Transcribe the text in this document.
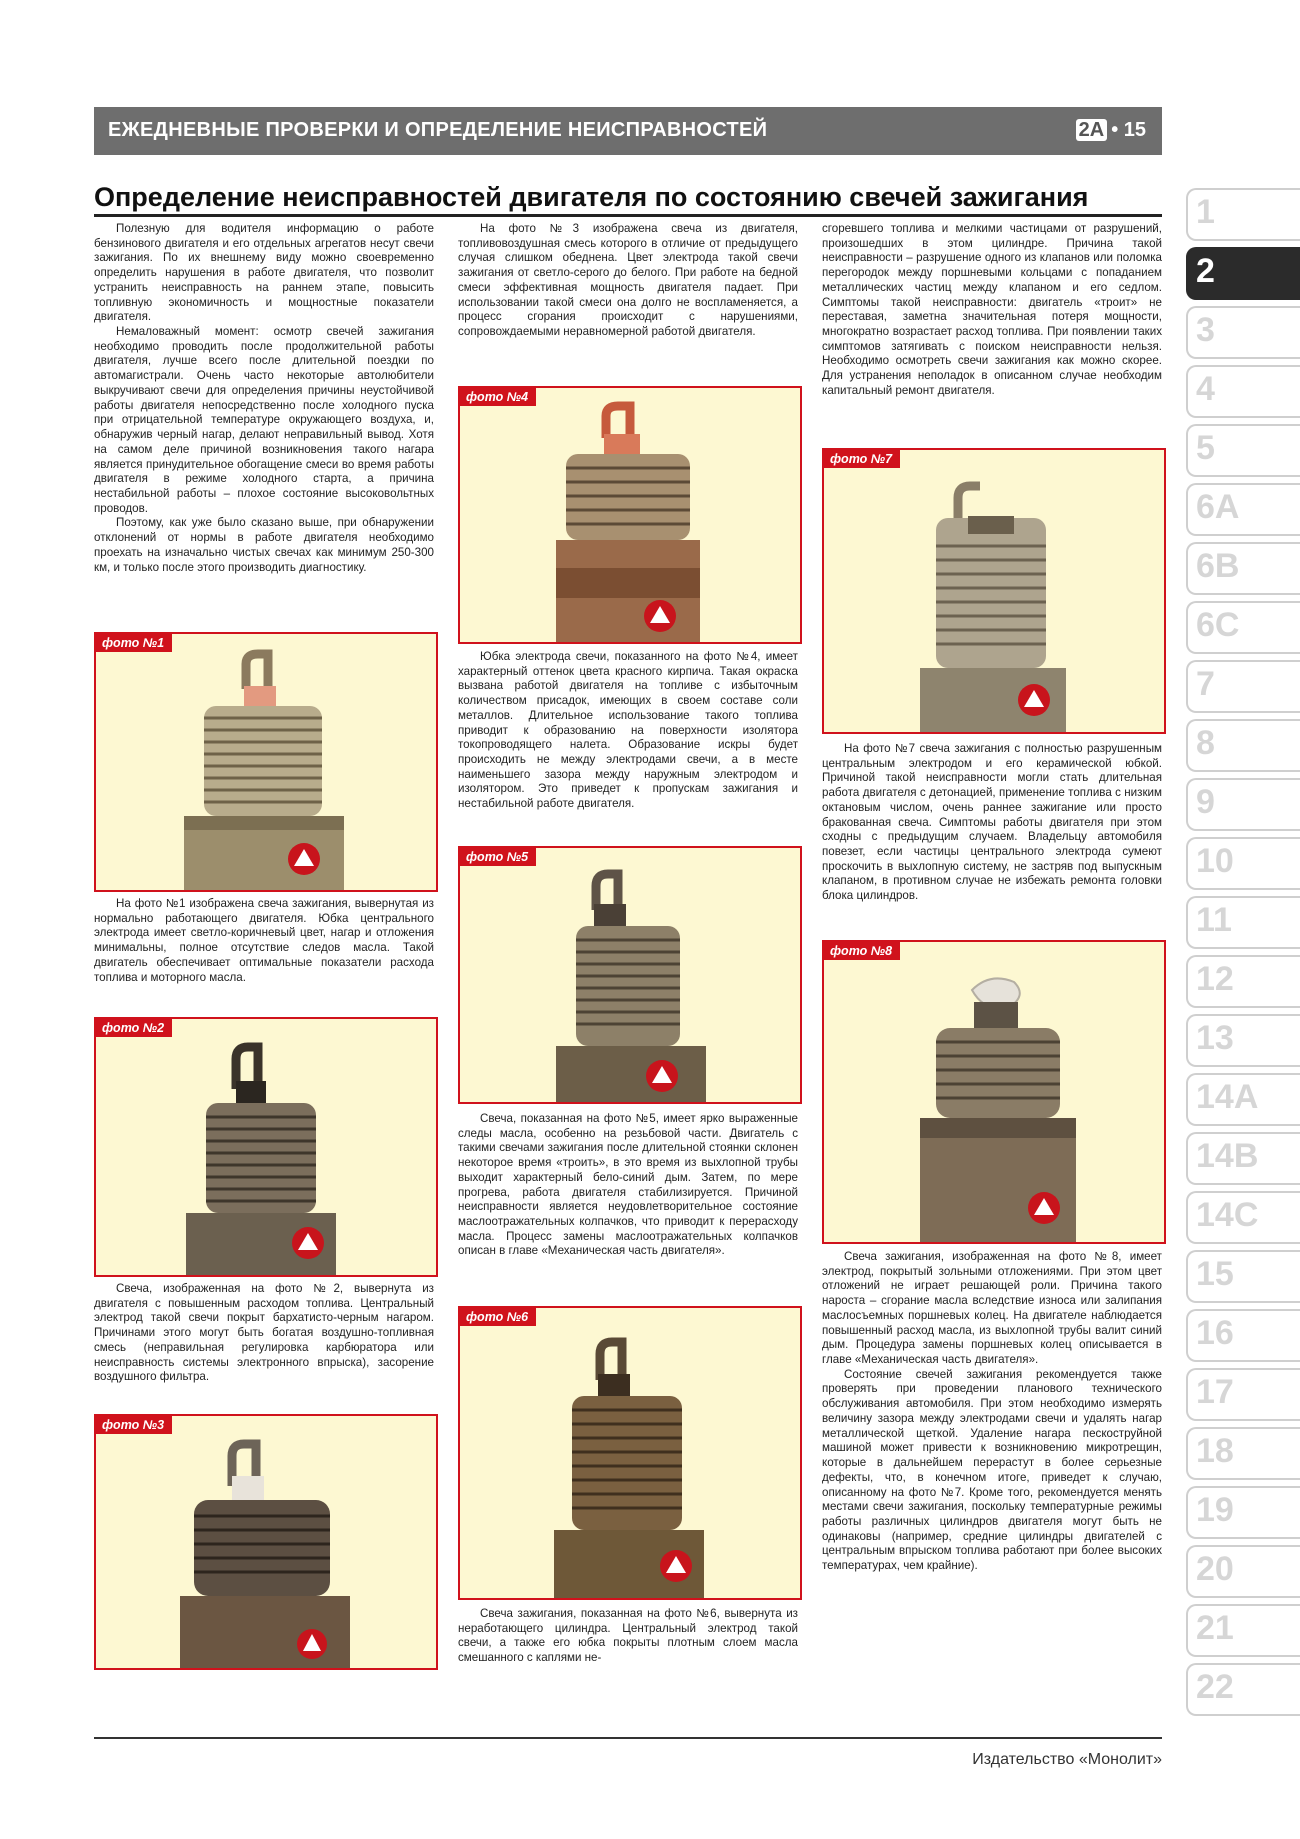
ЕЖЕДНЕВНЫЕ ПРОВЕРКИ И ОПРЕДЕЛЕНИЕ НЕИСПРАВНОСТЕЙ	2A • 15
Определение неисправностей двигателя по состоянию свечей зажигания

Полезную для водителя информацию о работе бензинового двигателя и его отдельных агрегатов несут свечи зажигания. По их внешнему виду можно своевременно определить нарушения в работе двигателя, что позволит устранить неисправность на раннем этапе, повысить топливную экономичность и мощностные показатели двигателя.

Немаловажный момент: осмотр свечей зажигания необходимо проводить после продолжительной работы двигателя, лучше всего после длительной поездки по автомагистрали. Очень часто некоторые автолюбители выкручивают свечи для определения причины неустойчивой работы двигателя непосредственно после холодного пуска при отрицательной температуре окружающего воздуха, и, обнаружив черный нагар, делают неправильный вывод. Хотя на самом деле причиной возникновения такого нагара является принудительное обогащение смеси во время работы двигателя в режиме холодного старта, а причина нестабильной работы – плохое состояние высоковольтных проводов.

Поэтому, как уже было сказано выше, при обнаружении отклонений от нормы в работе двигателя необходимо проехать на изначально чистых свечах как минимум 250-300 км, и только после этого производить диагностику.

фото №1

На фото №1 изображена свеча зажигания, вывернутая из нормально работающего двигателя. Юбка центрального электрода имеет светло-коричневый цвет, нагар и отложения минимальны, полное отсутствие следов масла. Такой двигатель обеспечивает оптимальные показатели расхода топлива и моторного масла.

фото №2

Свеча, изображенная на фото №2, вывернута из двигателя с повышенным расходом топлива. Центральный электрод такой свечи покрыт бархатисто-черным нагаром. Причинами этого могут быть богатая воздушно-топливная смесь (неправильная регулировка карбюратора или неисправность системы электронного впрыска), засорение воздушного фильтра.

фото №3

На фото №3 изображена свеча из двигателя, топливовоздушная смесь которого в отличие от предыдущего случая слишком обеднена. Цвет электрода такой свечи зажигания от светло-серого до белого. При работе на бедной смеси эффективная мощность двигателя падает. При использовании такой смеси она долго не воспламеняется, а процесс сгорания происходит с нарушениями, сопровождаемыми неравномерной работой двигателя.

фото №4

Юбка электрода свечи, показанного на фото №4, имеет характерный оттенок цвета красного кирпича. Такая окраска вызвана работой двигателя на топливе с избыточным количеством присадок, имеющих в своем составе соли металлов. Длительное использование такого топлива приводит к образованию на поверхности изолятора токопроводящего налета. Образование искры будет происходить не между электродами свечи, а в месте наименьшего зазора между наружным электродом и изолятором. Это приведет к пропускам зажигания и нестабильной работе двигателя.

фото №5

Свеча, показанная на фото №5, имеет ярко выраженные следы масла, особенно на резьбовой части. Двигатель с такими свечами зажигания после длительной стоянки склонен некоторое время «троить», в это время из выхлопной трубы выходит характерный бело-синий дым. Затем, по мере прогрева, работа двигателя стабилизируется. Причиной неисправности является неудовлетворительное состояние маслоотражательных колпачков, что приводит к перерасходу масла. Процесс замены маслоотражательных колпачков описан в главе «Механическая часть двигателя».

фото №6

Свеча зажигания, показанная на фото №6, вывернута из неработающего цилиндра. Центральный электрод такой свечи, а также его юбка покрыты плотным слоем масла смешанного с каплями не-

сгоревшего топлива и мелкими частицами от разрушений, произошедших в этом цилиндре. Причина такой неисправности – разрушение одного из клапанов или поломка перегородок между поршневыми кольцами с попаданием металлических частиц между клапаном и его седлом. Симптомы такой неисправности: двигатель «троит» не переставая, заметна значительная потеря мощности, многократно возрастает расход топлива. При появлении таких симптомов затягивать с поиском неисправности нельзя. Необходимо осмотреть свечи зажигания как можно скорее. Для устранения неполадок в описанном случае необходим капитальный ремонт двигателя.

фото №7

На фото №7 свеча зажигания с полностью разрушенным центральным электродом и его керамической юбкой. Причиной такой неисправности могли стать длительная работа двигателя с детонацией, применение топлива с низким октановым числом, очень раннее зажигание или просто бракованная свеча. Симптомы работы двигателя при этом сходны с предыдущим случаем. Владельцу автомобиля повезет, если частицы центрального электрода сумеют проскочить в выхлопную систему, не застряв под выпускным клапаном, в противном случае не избежать ремонта головки блока цилиндров.

фото №8

Свеча зажигания, изображенная на фото №8, имеет электрод, покрытый зольными отложениями. При этом цвет отложений не играет решающей роли. Причина такого нароста – сгорание масла вследствие износа или залипания маслосъемных поршневых колец. На двигателе наблюдается повышенный расход масла, из выхлопной трубы валит синий дым. Процедура замены поршневых колец описывается в главе «Механическая часть двигателя».

Состояние свечей зажигания рекомендуется также проверять при проведении планового технического обслуживания автомобиля. При этом необходимо измерять величину зазора между электродами свечи и удалять нагар металлической щеткой. Удаление нагара пескоструйной машиной может привести к возникновению микротрещин, которые в дальнейшем перерастут в более серьезные дефекты, что, в конечном итоге, приведет к случаю, описанному на фото №7. Кроме того, рекомендуется менять местами свечи зажигания, поскольку температурные режимы работы различных цилиндров двигателя могут быть не одинаковы (например, средние цилиндры двигателей с центральным впрыском топлива работают при более высоких температурах, чем крайние).

1
2
3
4
5
6A
6B
6C
7
8
9
10
11
12
13
14A
14B
14C
15
16
17
18
19
20
21
22
Издательство «Монолит»
